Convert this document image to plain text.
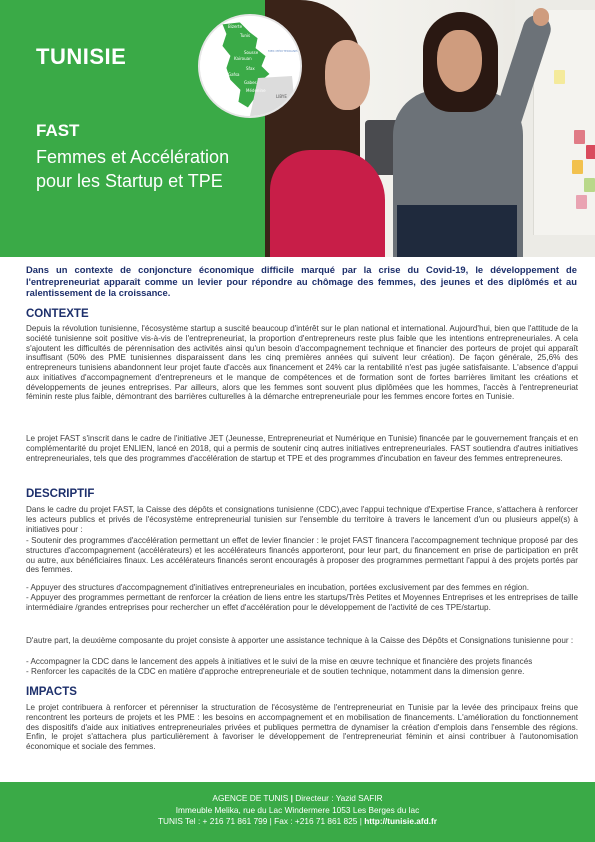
Bizerte
Tunis
Sousse
Kairouan
Sfax
Gafsa
Gabes
Médenine
LIBYE
MER MÉDITERRANÉE
TUNISIE
FAST

Femmes et Accélération
pour les Startup et TPE

Dans un contexte de conjoncture économique difficile marqué par la crise du Covid-19, le développement de l'entrepreneuriat apparaît comme un levier pour répondre au chômage des femmes, des jeunes et des diplômés et au ralentissement de la croissance.

CONTEXTE

Depuis la révolution tunisienne, l'écosystème startup a suscité beaucoup d'intérêt sur le plan national et international. Aujourd'hui, bien que l'attitude de la société tunisienne soit positive vis-à-vis de l'entrepreneuriat, la proportion d'entrepreneurs reste plus faible que les intentions entrepreneuriales. A cela s'ajoutent les difficultés de pérennisation des activités ainsi qu'un besoin d'accompagnement technique et financier des porteurs de projet qui apparaît insuffisant (50% des PME tunisiennes disparaissent dans les cinq premières années qui suivent leur création). De façon générale, 25,6% des entrepreneurs tunisiens abandonnent leur projet faute d'accès aux financement et 24% car la rentabilité n'est pas jugée satisfaisante. L'absence d'appui aux initiatives d'accompagnement d'entrepreneurs et le manque de compétences et de formation sont de fortes barrières limitant les créations et développements de jeunes entreprises. Par ailleurs, alors que les femmes sont souvent plus diplômées que les hommes, l'accès à l'entrepreneuriat féminin reste plus faible, démontrant des barrières culturelles à la démarche entrepreneuriale pour les femmes encore fortes en Tunisie.

Le projet FAST s'inscrit dans le cadre de l'initiative JET (Jeunesse, Entrepreneuriat et Numérique en Tunisie) financée par le gouvernement français et en complémentarité du projet ENLIEN, lancé en 2018, qui a permis de soutenir cinq autres initiatives entrepreneuriales. FAST soutiendra d'autres initiatives entrepreneuriales, tels que des programmes d'accélération de startup et TPE et des programmes d'incubation en faveur des femmes entrepreneures.

DESCRIPTIF

Dans le cadre du projet FAST, la Caisse des dépôts et consignations tunisienne (CDC),avec l'appui technique d'Expertise France, s'attachera à renforcer les acteurs publics et privés de l'écosystème entrepreneurial tunisien sur l'ensemble du territoire à travers le lancement d'un ou plusieurs appel(s) à initiatives pour :

- Soutenir des programmes d'accélération permettant un effet de levier financier : le projet FAST financera l'accompagnement technique proposé par des structures d'accompagnement (accélérateurs) et les accélérateurs financés apporteront, pour leur part, du financement en prise de participation en prêt ou autre, aux bénéficiaires finaux. Les accélérateurs financés seront encouragés à proposer des programmes permettant l'appui à des projets portés par des femmes.

- Appuyer des structures d'accompagnement d'initiatives entrepreneuriales en incubation, portées exclusivement par des femmes en région.

- Appuyer des programmes permettant de renforcer la création de liens entre les startups/Très Petites et Moyennes Entreprises et les entreprises de taille intermédiaire /grandes entreprises pour rechercher un effet d'accélération pour le développement de l'activité de ces TPE/startup.

D'autre part, la deuxième composante du projet consiste à apporter une assistance technique à la Caisse des Dépôts et Consignations tunisienne pour :

- Accompagner la CDC dans le lancement des appels à initiatives et le suivi de la mise en œuvre technique et financière des projets financés

- Renforcer les capacités de la CDC en matière d'approche entrepreneuriale et de soutien technique, notamment dans la dimension genre.

IMPACTS

Le projet contribuera à renforcer et pérenniser la structuration de l'écosystème de l'entrepreneuriat en Tunisie par la levée des principaux freins que rencontrent les porteurs de projets et les PME : les besoins en accompagnement et en mobilisation de financements. L'amélioration du fonctionnement des dispositifs d'aide aux initiatives entrepreneuriales privées et publiques permettra de dynamiser la création d'emplois dans l'ensemble des régions. Enfin, le projet s'attachera plus particulièrement à favoriser le développement de l'entrepreneuriat féminin et ainsi contribuer à l'autonomisation économique et sociale des femmes.

AGENCE DE TUNIS | Directeur : Yazid SAFIR

Immeuble Melika, rue du Lac Windermere 1053 Les Berges du lac

TUNIS Tel : + 216 71 861 799 | Fax : +216 71 861 825 | http://tunisie.afd.fr
